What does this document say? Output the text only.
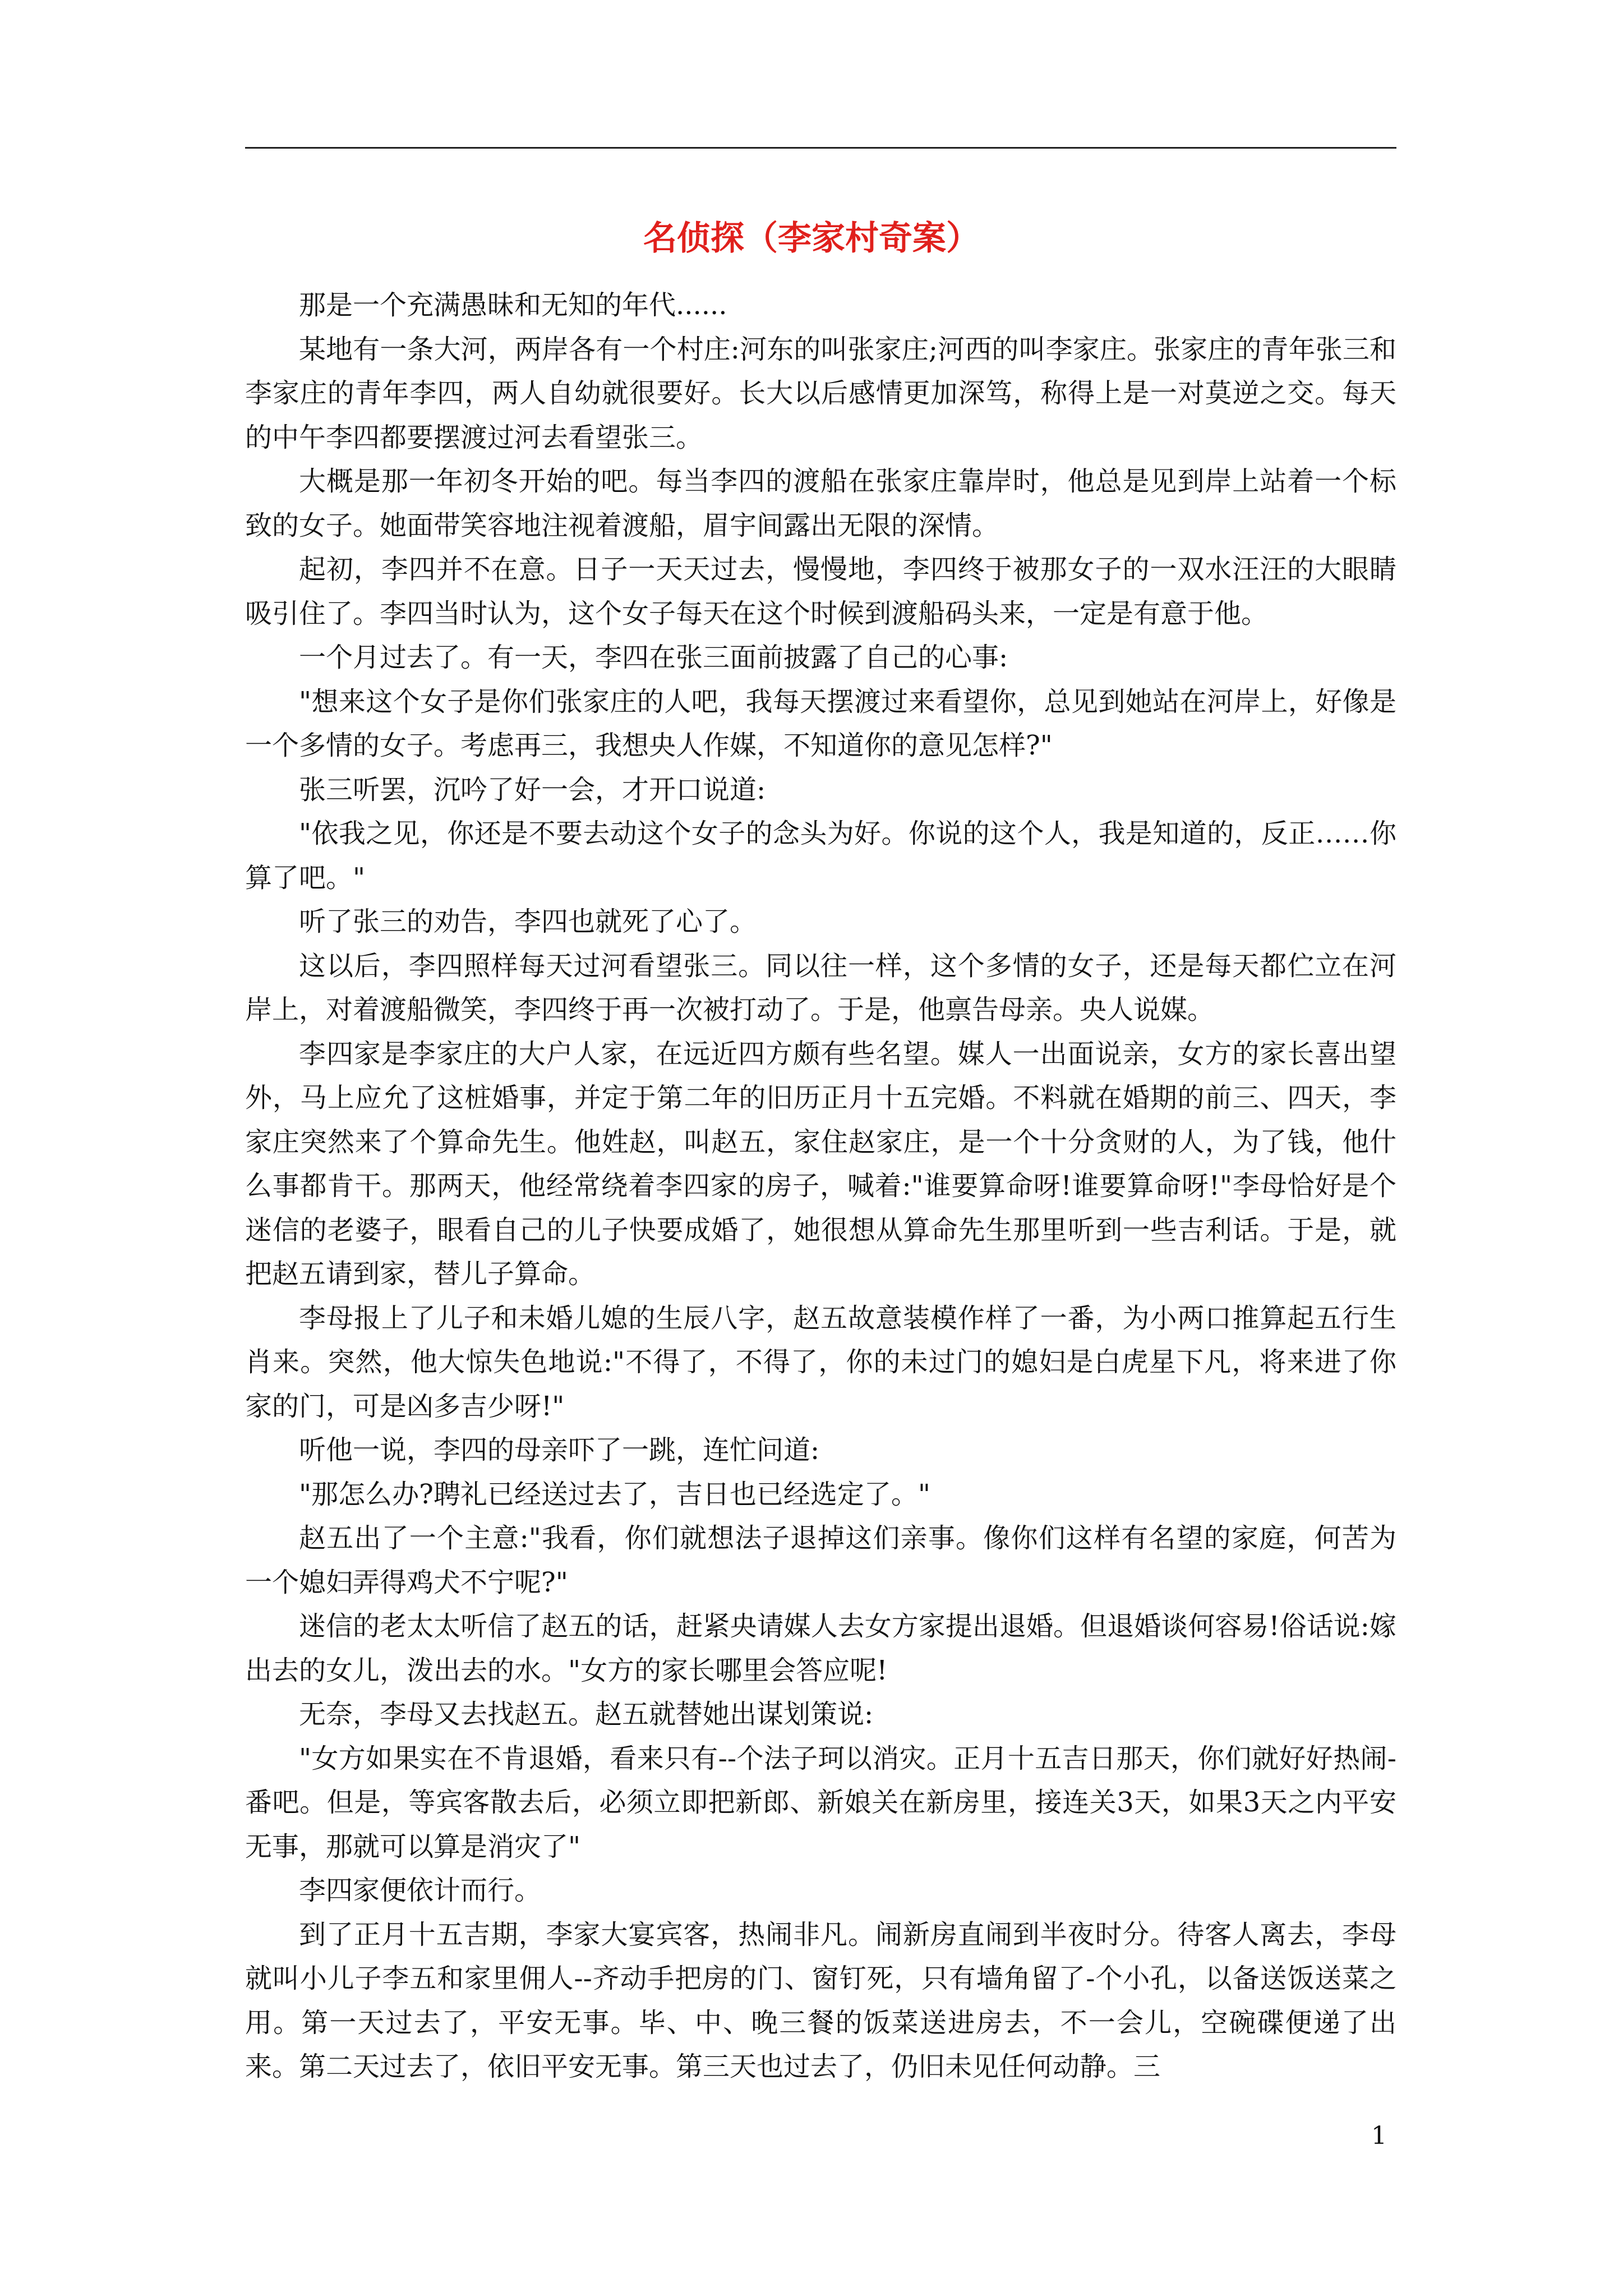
名侦探（李家村奇案）

那是一个充满愚昧和无知的年代......

某地有一条大河，两岸各有一个村庄:河东的叫张家庄;河西的叫李家庄。张家庄的青年张三和李家庄的青年李四，两人自幼就很要好。长大以后感情更加深笃，称得上是一对莫逆之交。每天的中午李四都要摆渡过河去看望张三。

大概是那一年初冬开始的吧。每当李四的渡船在张家庄靠岸时，他总是见到岸上站着一个标致的女子。她面带笑容地注视着渡船，眉宇间露出无限的深情。

起初，李四并不在意。日子一天天过去，慢慢地，李四终于被那女子的一双水汪汪的大眼睛吸引住了。李四当时认为，这个女子每天在这个时候到渡船码头来，一定是有意于他。

一个月过去了。有一天，李四在张三面前披露了自己的心事:

"想来这个女子是你们张家庄的人吧，我每天摆渡过来看望你，总见到她站在河岸上，好像是一个多情的女子。考虑再三，我想央人作媒，不知道你的意见怎样?"

张三听罢，沉吟了好一会，才开口说道:

"依我之见，你还是不要去动这个女子的念头为好。你说的这个人，我是知道的，反正……你算了吧。"

听了张三的劝告，李四也就死了心了。

这以后，李四照样每天过河看望张三。同以往一样，这个多情的女子，还是每天都伫立在河岸上，对着渡船微笑，李四终于再一次被打动了。于是，他禀告母亲。央人说媒。

李四家是李家庄的大户人家，在远近四方颇有些名望。媒人一出面说亲，女方的家长喜出望外，马上应允了这桩婚事，并定于第二年的旧历正月十五完婚。不料就在婚期的前三、四天，李家庄突然来了个算命先生。他姓赵，叫赵五，家住赵家庄，是一个十分贪财的人，为了钱，他什么事都肯干。那两天，他经常绕着李四家的房子，喊着:"谁要算命呀!谁要算命呀!"李母恰好是个迷信的老婆子，眼看自己的儿子快要成婚了，她很想从算命先生那里听到一些吉利话。于是，就把赵五请到家，替儿子算命。

李母报上了儿子和未婚儿媳的生辰八字，赵五故意装模作样了一番，为小两口推算起五行生肖来。突然，他大惊失色地说:"不得了，不得了，你的未过门的媳妇是白虎星下凡，将来进了你家的门，可是凶多吉少呀!"

听他一说，李四的母亲吓了一跳，连忙问道:

"那怎么办?聘礼已经送过去了，吉日也已经选定了。"

赵五出了一个主意:"我看，你们就想法子退掉这们亲事。像你们这样有名望的家庭，何苦为一个媳妇弄得鸡犬不宁呢?"

迷信的老太太听信了赵五的话，赶紧央请媒人去女方家提出退婚。但退婚谈何容易!俗话说:嫁出去的女儿，泼出去的水。"女方的家长哪里会答应呢!

无奈，李母又去找赵五。赵五就替她出谋划策说:

"女方如果实在不肯退婚，看来只有--个法子珂以消灾。正月十五吉日那天，你们就好好热闹-番吧。但是，等宾客散去后，必须立即把新郎、新娘关在新房里，接连关3天，如果3天之内平安无事，那就可以算是消灾了"

李四家便依计而行。

到了正月十五吉期，李家大宴宾客，热闹非凡。闹新房直闹到半夜时分。待客人离去，李母就叫小儿子李五和家里佣人--齐动手把房的门、窗钉死，只有墙角留了-个小孔，以备送饭送菜之用。第一天过去了，平安无事。毕、中、晚三餐的饭菜送进房去，不一会儿，空碗碟便递了出来。第二天过去了，依旧平安无事。第三天也过去了，仍旧未见任何动静。三

1
